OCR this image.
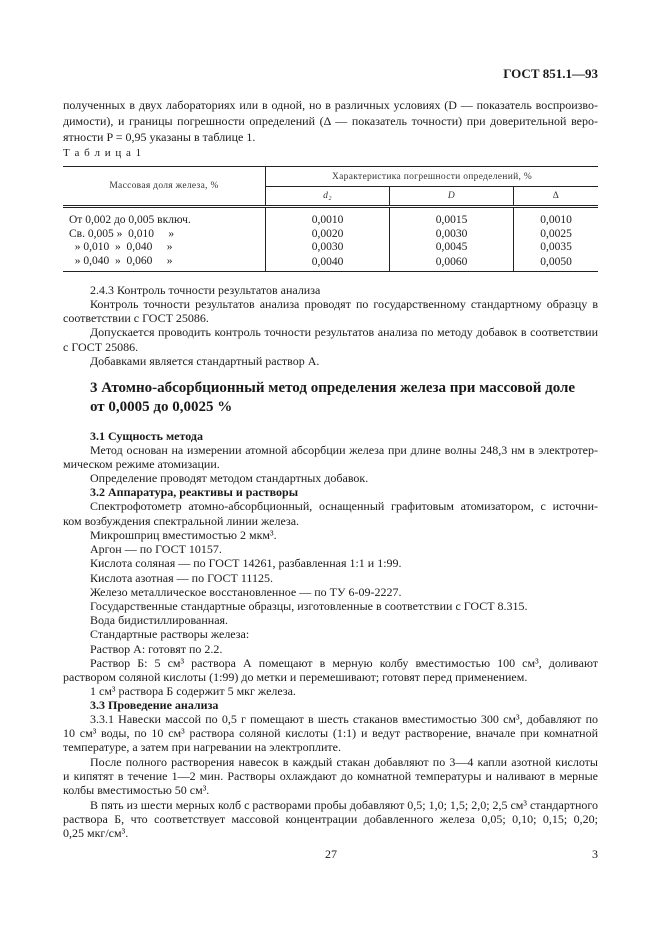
ГОСТ 851.1—93
полученных в двух лабораториях или в одной, но в различных условиях (D — показатель воспроизво-
димости), и границы погрешности определений (Δ — показатель точности) при доверительной веро-
ятности P = 0,95 указаны в таблице 1.
Т а б л и ц а 1
Массовая доля железа, %	Характеристика погрешности определений, %		
	d₂	D	Δ
От 0,002 до 0,005 включ.	0,0010	0,0015	0,0010
Св. 0,005 »  0,010     »	0,0020	0,0030	0,0025
» 0,010  »  0,040     »	0,0030	0,0045	0,0035
» 0,040  »  0,060     »	0,0040	0,0060	0,0050
2.4.3 Контроль точности результатов анализа
Контроль точности результатов анализа проводят по государственному стандартному образцу в
соответствии с ГОСТ 25086.
Допускается проводить контроль точности результатов анализа по методу добавок в соответствии
с ГОСТ 25086.
Добавками является стандартный раствор А.
3 Атомно-абсорбционный метод определения железа при массовой доле
от 0,0005 до 0,0025 %
3.1 Сущность метода
Метод основан на измерении атомной абсорбции железа при длине волны 248,3 нм в электротер-
мическом режиме атомизации.
Определение проводят методом стандартных добавок.
3.2 Аппаратура, реактивы и растворы
Спектрофотометр атомно-абсорбционный, оснащенный графитовым атомизатором, с источни-
ком возбуждения спектральной линии железа.
Микрошприц вместимостью 2 мкм³.
Аргон — по ГОСТ 10157.
Кислота соляная — по ГОСТ 14261, разбавленная 1:1 и 1:99.
Кислота азотная — по ГОСТ 11125.
Железо металлическое восстановленное — по ТУ 6-09-2227.
Государственные стандартные образцы, изготовленные в соответствии с ГОСТ 8.315.
Вода бидистиллированная.
Стандартные растворы железа:
Раствор А: готовят по 2.2.
Раствор Б: 5 см³ раствора А помещают в мерную колбу вместимостью 100 см³, доливают
раствором соляной кислоты (1:99) до метки и перемешивают; готовят перед применением.
1 см³ раствора Б содержит 5 мкг железа.
3.3 Проведение анализа
3.3.1 Навески массой по 0,5 г помещают в шесть стаканов вместимостью 300 см³, добавляют по
10 см³ воды, по 10 см³ раствора соляной кислоты (1:1) и ведут растворение, вначале при комнатной
температуре, а затем при нагревании на электроплите.
После полного растворения навесок в каждый стакан добавляют по 3—4 капли азотной кислоты
и кипятят в течение 1—2 мин. Растворы охлаждают до комнатной температуры и наливают в мерные
колбы вместимостью 50 см³.
В пять из шести мерных колб с растворами пробы добавляют 0,5; 1,0; 1,5; 2,0; 2,5 см³ стандартного
раствора Б, что соответствует массовой концентрации добавленного железа 0,05; 0,10; 0,15; 0,20;
0,25 мкг/см³.
27	3
